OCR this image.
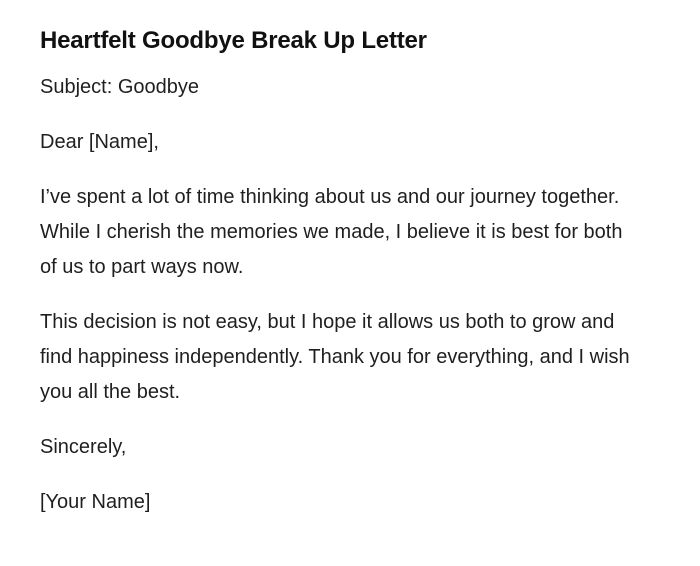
Heartfelt Goodbye Break Up Letter

Subject: Goodbye

Dear [Name],

I’ve spent a lot of time thinking about us and our journey together. While I cherish the memories we made, I believe it is best for both of us to part ways now.

This decision is not easy, but I hope it allows us both to grow and find happiness independently. Thank you for everything, and I wish you all the best.

Sincerely,

[Your Name]
